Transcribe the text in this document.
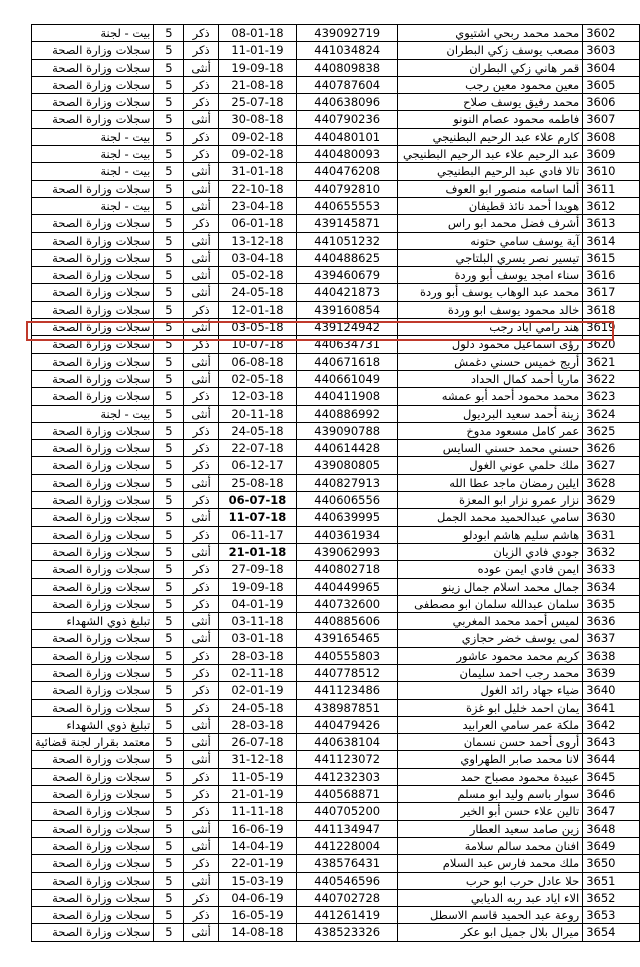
بيت - لجنة	5	ذكر	08-01-18	439092719	محمد محمد ربحي اشتيوي	3602
سجلات وزارة الصحة	5	ذكر	11-01-19	441034824	مصعب يوسف زكي البطران	3603
سجلات وزارة الصحة	5	أنثى	19-09-18	440809838	قمر هاني زكي البطران	3604
سجلات وزارة الصحة	5	ذكر	21-08-18	440787604	معين محمود معين رجب	3605
سجلات وزارة الصحة	5	ذكر	25-07-18	440638096	محمد رفيق يوسف صلاح	3606
سجلات وزارة الصحة	5	أنثى	30-08-18	440790236	فاطمه محمود عصام النونو	3607
بيت - لجنة	5	ذكر	09-02-18	440480101	كارم علاء عبد الرحيم البطنيجي	3608
بيت - لجنة	5	ذكر	09-02-18	440480093	عبد الرحيم علاء عبد الرحيم البطنيجي	3609
بيت - لجنة	5	أنثى	31-01-18	440476208	تالا فادي عبد الرحيم البطنيجي	3610
سجلات وزارة الصحة	5	أنثى	22-10-18	440792810	ألما اسامه منصور ابو العوف	3611
بيت - لجنة	5	أنثى	23-04-18	440655553	هويدا أحمد نائذ قطيفان	3612
سجلات وزارة الصحة	5	ذكر	06-01-18	439145871	أشرف فضل محمد ابو راس	3613
سجلات وزارة الصحة	5	أنثى	13-12-18	441051232	آية يوسف سامي حتونه	3614
سجلات وزارة الصحة	5	أنثى	03-04-18	440488625	تيسير نصر يسري البلتاجي	3615
سجلات وزارة الصحة	5	أنثى	05-02-18	439460679	سناء امجد يوسف أبو وردة	3616
سجلات وزارة الصحة	5	أنثى	24-05-18	440421873	محمد عبد الوهاب يوسف أبو وردة	3617
سجلات وزارة الصحة	5	ذكر	12-01-18	439160854	خالد محمود يوسف ابو وردة	3618
سجلات وزارة الصحة	5	أنثى	03-05-18	439124942	هند رامي اياد رجب	3619
سجلات وزارة الصحة	5	ذكر	10-07-18	440634731	رؤى اسماعيل محمود دلول	3620
سجلات وزارة الصحة	5	أنثى	06-08-18	440671618	أريج خميس حسني دغمش	3621
سجلات وزارة الصحة	5	أنثى	02-05-18	440661049	ماريا أحمد كمال الحداد	3622
سجلات وزارة الصحة	5	ذكر	12-03-18	440411908	محمد محمود أحمد أبو عمشه	3623
بيت - لجنة	5	أنثى	20-11-18	440886992	زينة أحمد سعيد البرديول	3624
سجلات وزارة الصحة	5	ذكر	24-05-18	439090788	عمر كامل مسعود مدوخ	3625
سجلات وزارة الصحة	5	ذكر	22-07-18	440614428	حسني محمد حسني السايس	3626
سجلات وزارة الصحة	5	ذكر	06-12-17	439080805	ملك حلمي عوني الغول	3627
سجلات وزارة الصحة	5	أنثى	25-08-18	440827913	ايلين رمضان ماجد عطا الله	3628
سجلات وزارة الصحة	5	ذكر	06-07-18	440606556	نزار عمرو نزار ابو المعزة	3629
سجلات وزارة الصحة	5	أنثى	11-07-18	440639995	سامي عبدالحميد محمد الجمل	3630
سجلات وزارة الصحة	5	ذكر	06-11-17	440361934	هاشم سليم هاشم ابودلو	3631
سجلات وزارة الصحة	5	أنثى	21-01-18	439062993	جودي فادي الزيان	3632
سجلات وزارة الصحة	5	ذكر	27-09-18	440802718	ايمن فادي ايمن عوده	3633
سجلات وزارة الصحة	5	ذكر	19-09-18	440449965	جمال محمد اسلام جمال زينو	3634
سجلات وزارة الصحة	5	ذكر	04-01-19	440732600	سلمان عبدالله سلمان ابو مصطفى	3635
تبليغ ذوي الشهداء	5	أنثى	03-11-18	440885606	لميس أحمد محمد المغربي	3636
سجلات وزارة الصحة	5	أنثى	03-01-18	439165465	لمى يوسف خضر حجازي	3637
سجلات وزارة الصحة	5	ذكر	28-03-18	440555803	كريم محمد محمود عاشور	3638
سجلات وزارة الصحة	5	ذكر	02-11-18	440778512	محمد رجب احمد سليمان	3639
سجلات وزارة الصحة	5	ذكر	02-01-19	441123486	ضياء جهاد رائد الغول	3640
سجلات وزارة الصحة	5	ذكر	24-05-18	438987851	يمان احمد خليل ابو غزة	3641
تبليغ ذوي الشهداء	5	أنثى	28-03-18	440479426	ملكة عمر سامي العرابيد	3642
معتمد بقرار لجنة قضائية	5	أنثى	26-07-18	440638104	أروى أحمد حسن نسمان	3643
سجلات وزارة الصحة	5	أنثى	31-12-18	441123072	لانا محمد صابر الطهراوي	3644
سجلات وزارة الصحة	5	ذكر	11-05-19	441232303	عبيدة محمود مصباح حمد	3645
سجلات وزارة الصحة	5	ذكر	21-01-19	440568871	سوار باسم وليد ابو مسلم	3646
سجلات وزارة الصحة	5	ذكر	11-11-18	440705200	تالين علاء حسن أبو الخير	3647
سجلات وزارة الصحة	5	أنثى	16-06-19	441134947	زين صامد سعيد العطار	3648
سجلات وزارة الصحة	5	أنثى	14-04-19	441228004	افنان محمد سالم سلامة	3649
سجلات وزارة الصحة	5	ذكر	22-01-19	438576431	ملك محمد فارس عبد السلام	3650
سجلات وزارة الصحة	5	أنثى	15-03-19	440546596	حلا عادل حرب ابو حرب	3651
سجلات وزارة الصحة	5	ذكر	04-06-19	440702728	الاء اياد عبد ربه الديابي	3652
سجلات وزارة الصحة	5	ذكر	16-05-19	441261419	روعة عبد الحميد قاسم الاسطل	3653
سجلات وزارة الصحة	5	أنثى	14-08-18	438523326	ميرال بلال جميل ابو عكر	3654
